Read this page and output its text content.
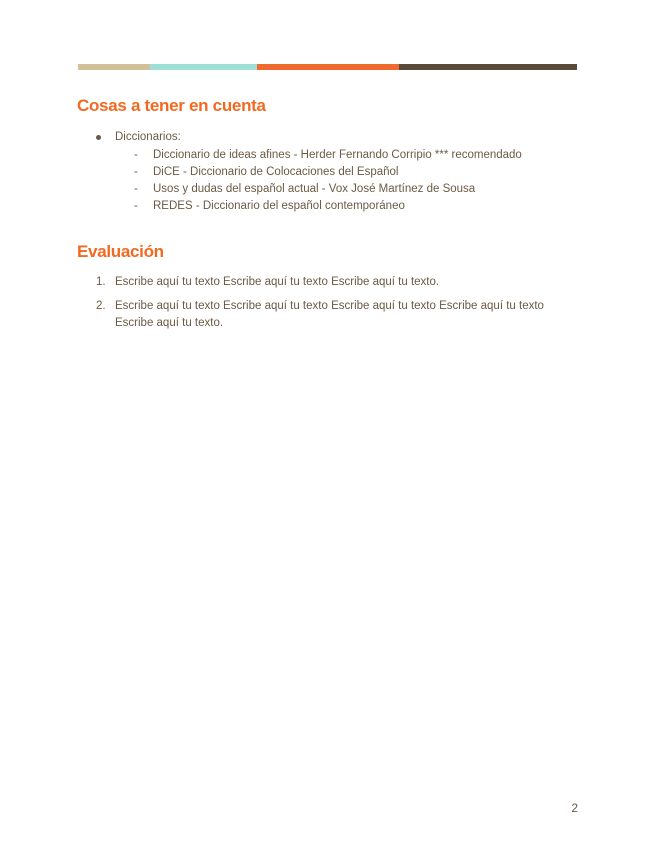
Cosas a tener en cuenta
Diccionarios:
- Diccionario de ideas afines - Herder Fernando Corripio *** recomendado
- DiCE - Diccionario de Colocaciones del Español
- Usos y dudas del español actual - Vox José Martínez de Sousa
- REDES - Diccionario del español contemporáneo
Evaluación
1. Escribe aquí tu texto Escribe aquí tu texto Escribe aquí tu texto.
2. Escribe aquí tu texto Escribe aquí tu texto Escribe aquí tu texto Escribe aquí tu texto Escribe aquí tu texto.
2
